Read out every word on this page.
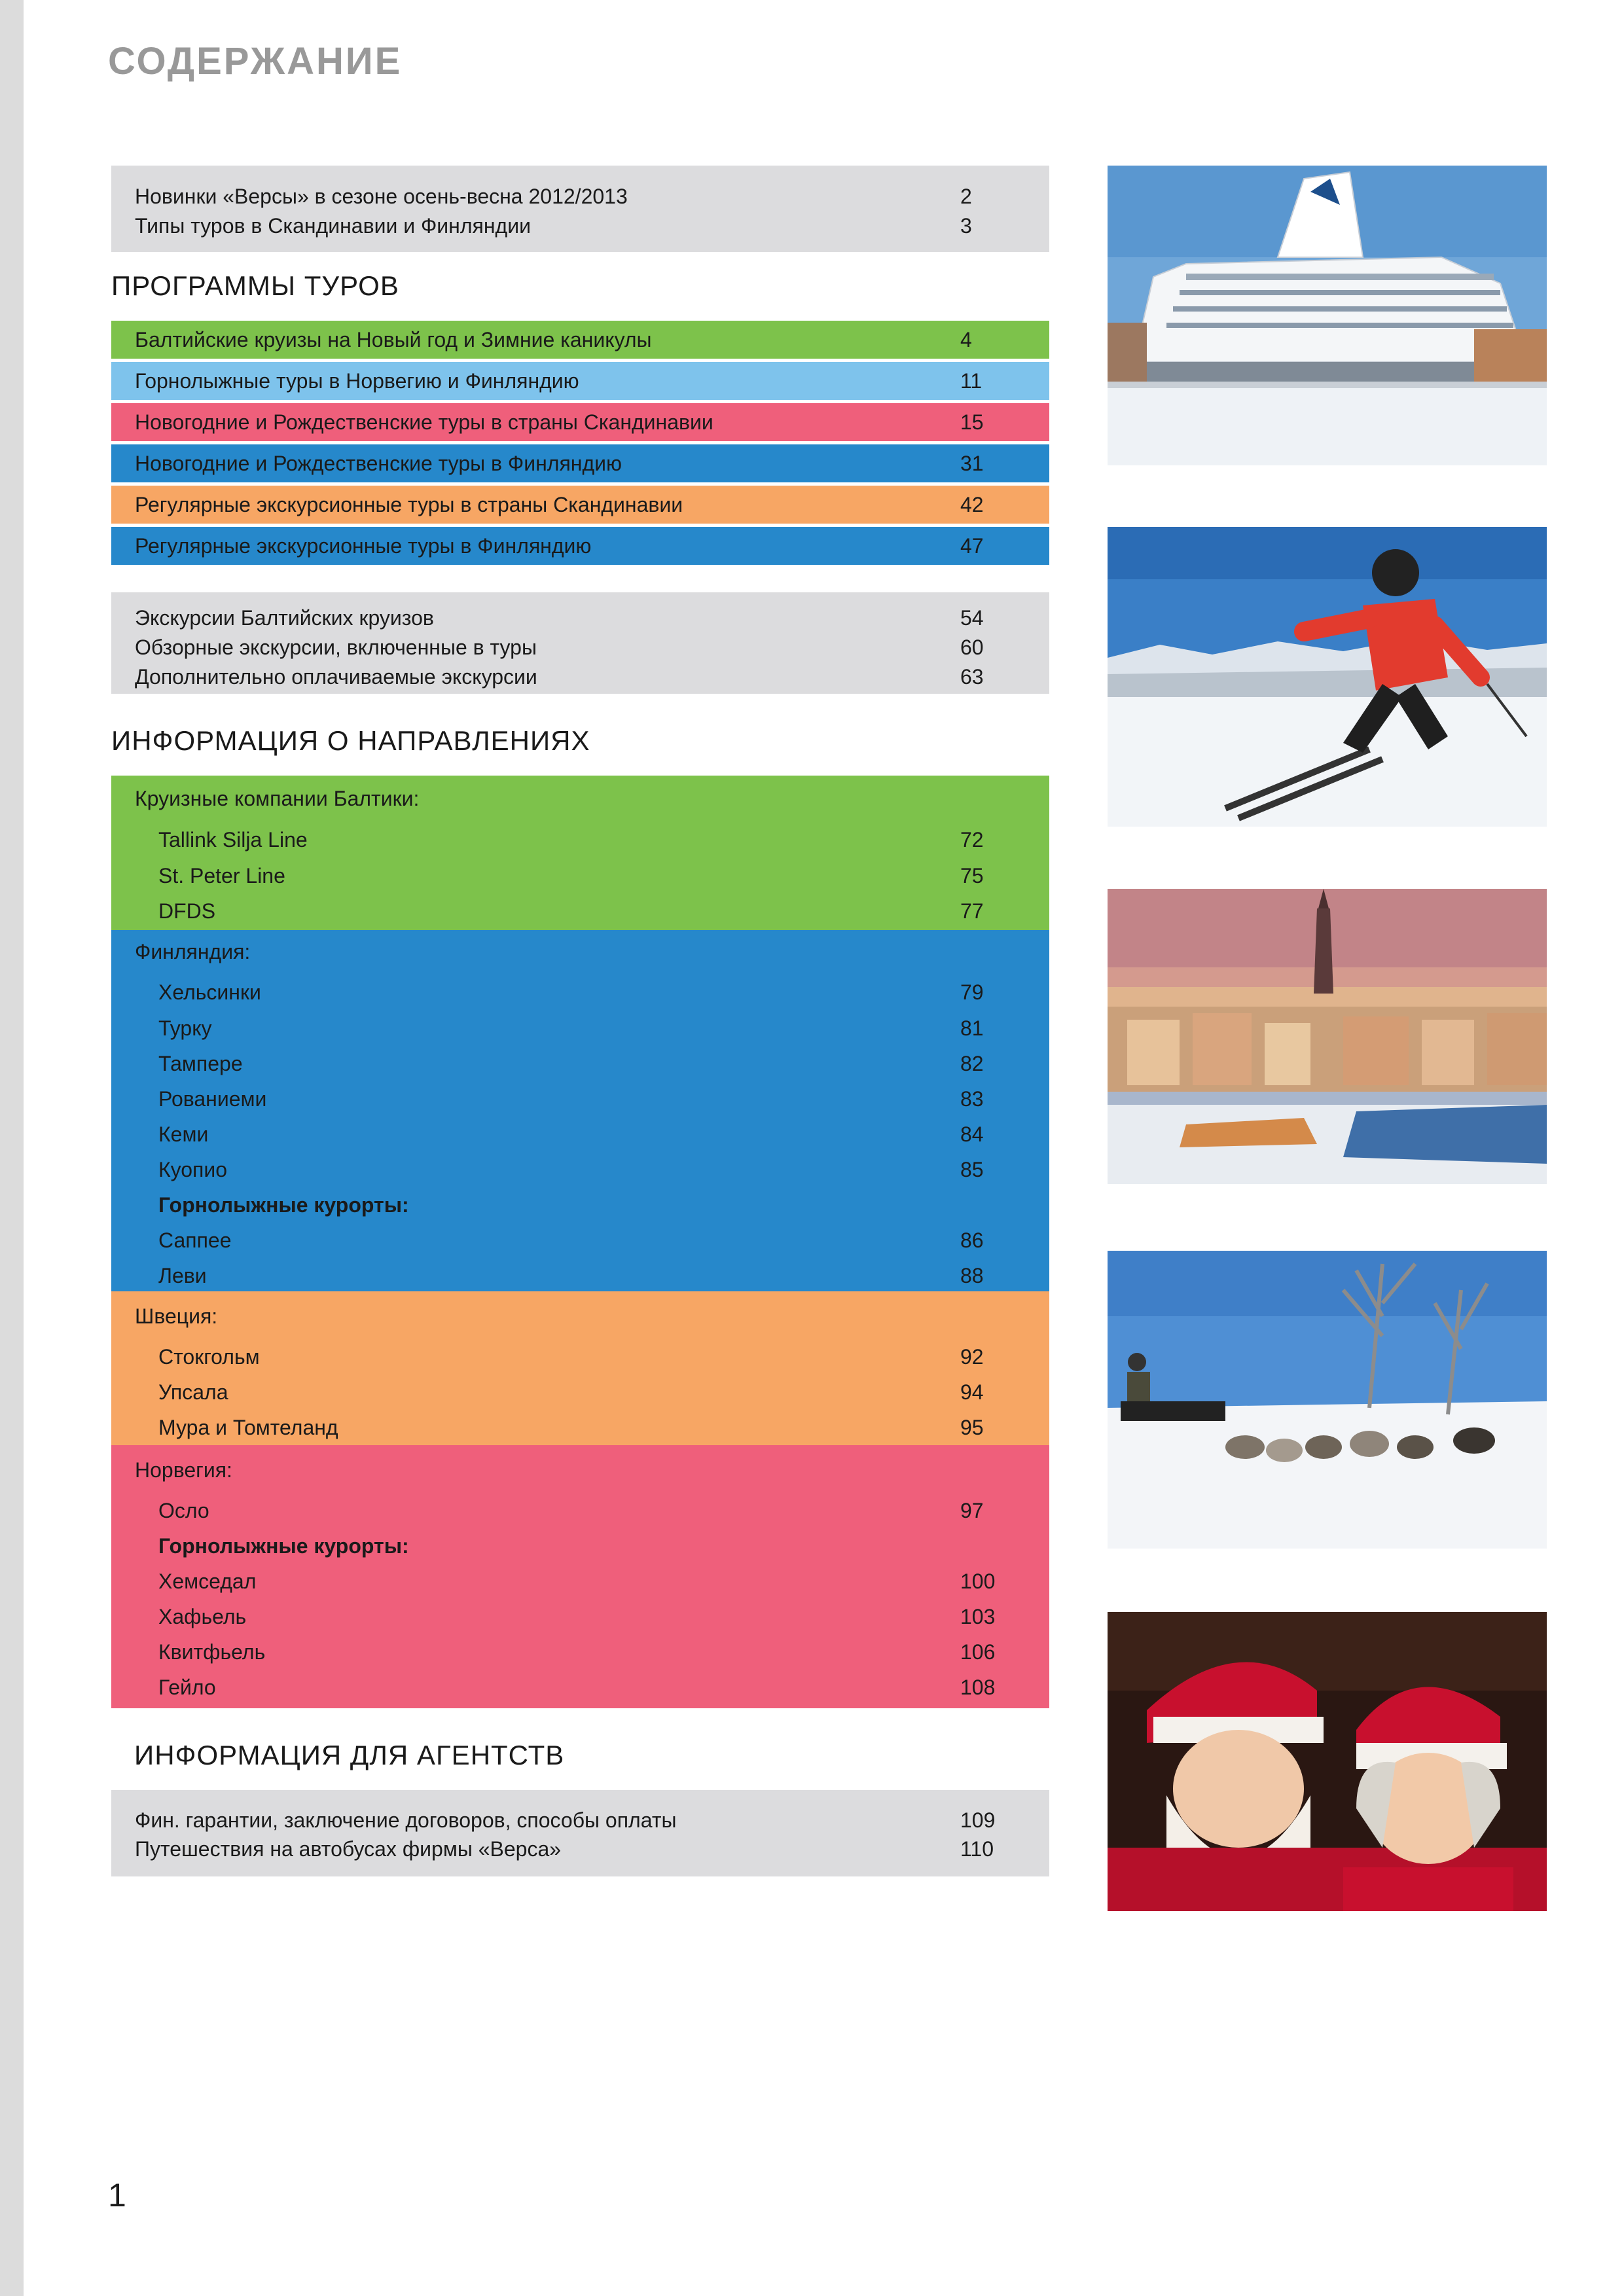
СОДЕРЖАНИЕ
Новинки «Версы» в сезоне осень-весна 2012/2013	2
Типы туров в Скандинавии и Финляндии	3
ПРОГРАММЫ ТУРОВ
Балтийские круизы на Новый год и Зимние каникулы	4
Горнолыжные туры в Норвегию и Финляндию	11
Новогодние и Рождественские туры в страны Скандинавии	15
Новогодние и Рождественские туры в Финляндию	31
Регулярные экскурсионные туры в страны Скандинавии	42
Регулярные экскурсионные туры в Финляндию	47
Экскурсии Балтийских круизов	54
Обзорные экскурсии, включенные в туры	60
Дополнительно оплачиваемые экскурсии	63
ИНФОРМАЦИЯ О НАПРАВЛЕНИЯХ
Круизные компании Балтики:
Tallink Silja Line	72
St. Peter Line	75
DFDS	77
Финляндия:
Хельсинки	79
Турку	81
Тампере	82
Рованиеми	83
Кеми	84
Куопио	85
Горнолыжные курорты:
Саппее	86
Леви	88
Швеция:
Стокгольм	92
Упсала	94
Мура и Томтеланд	95
Норвегия:
Осло	97
Горнолыжные курорты:
Хемседал	100
Хафьель	103
Квитфьель	106
Гейло	108
ИНФОРМАЦИЯ ДЛЯ АГЕНТСТВ
Фин. гарантии, заключение договоров, способы оплаты	109
Путешествия на автобусах фирмы «Верса»	110
1
